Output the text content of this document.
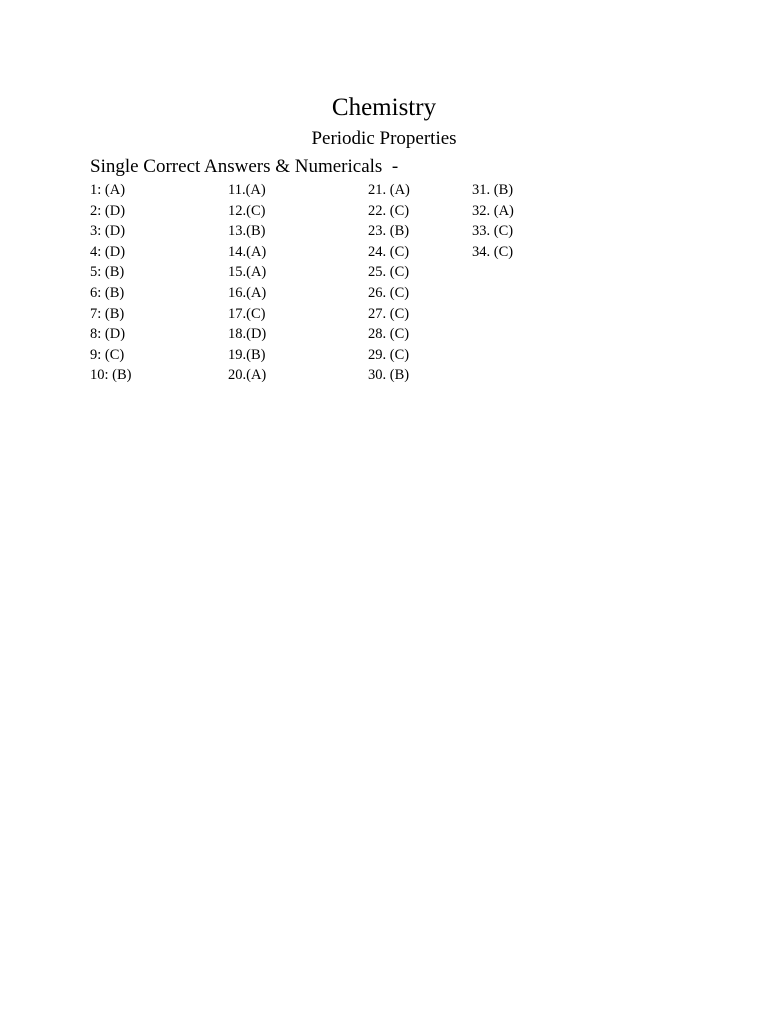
Chemistry
Periodic Properties
Single Correct Answers & Numericals  -
1: (A)
2: (D)
3: (D)
4: (D)
5: (B)
6: (B)
7: (B)
8: (D)
9: (C)
10: (B)
11.(A)
12.(C)
13.(B)
14.(A)
15.(A)
16.(A)
17.(C)
18.(D)
19.(B)
20.(A)
21. (A)
22. (C)
23. (B)
24. (C)
25. (C)
26. (C)
27. (C)
28. (C)
29. (C)
30. (B)
31. (B)
32. (A)
33. (C)
34. (C)
